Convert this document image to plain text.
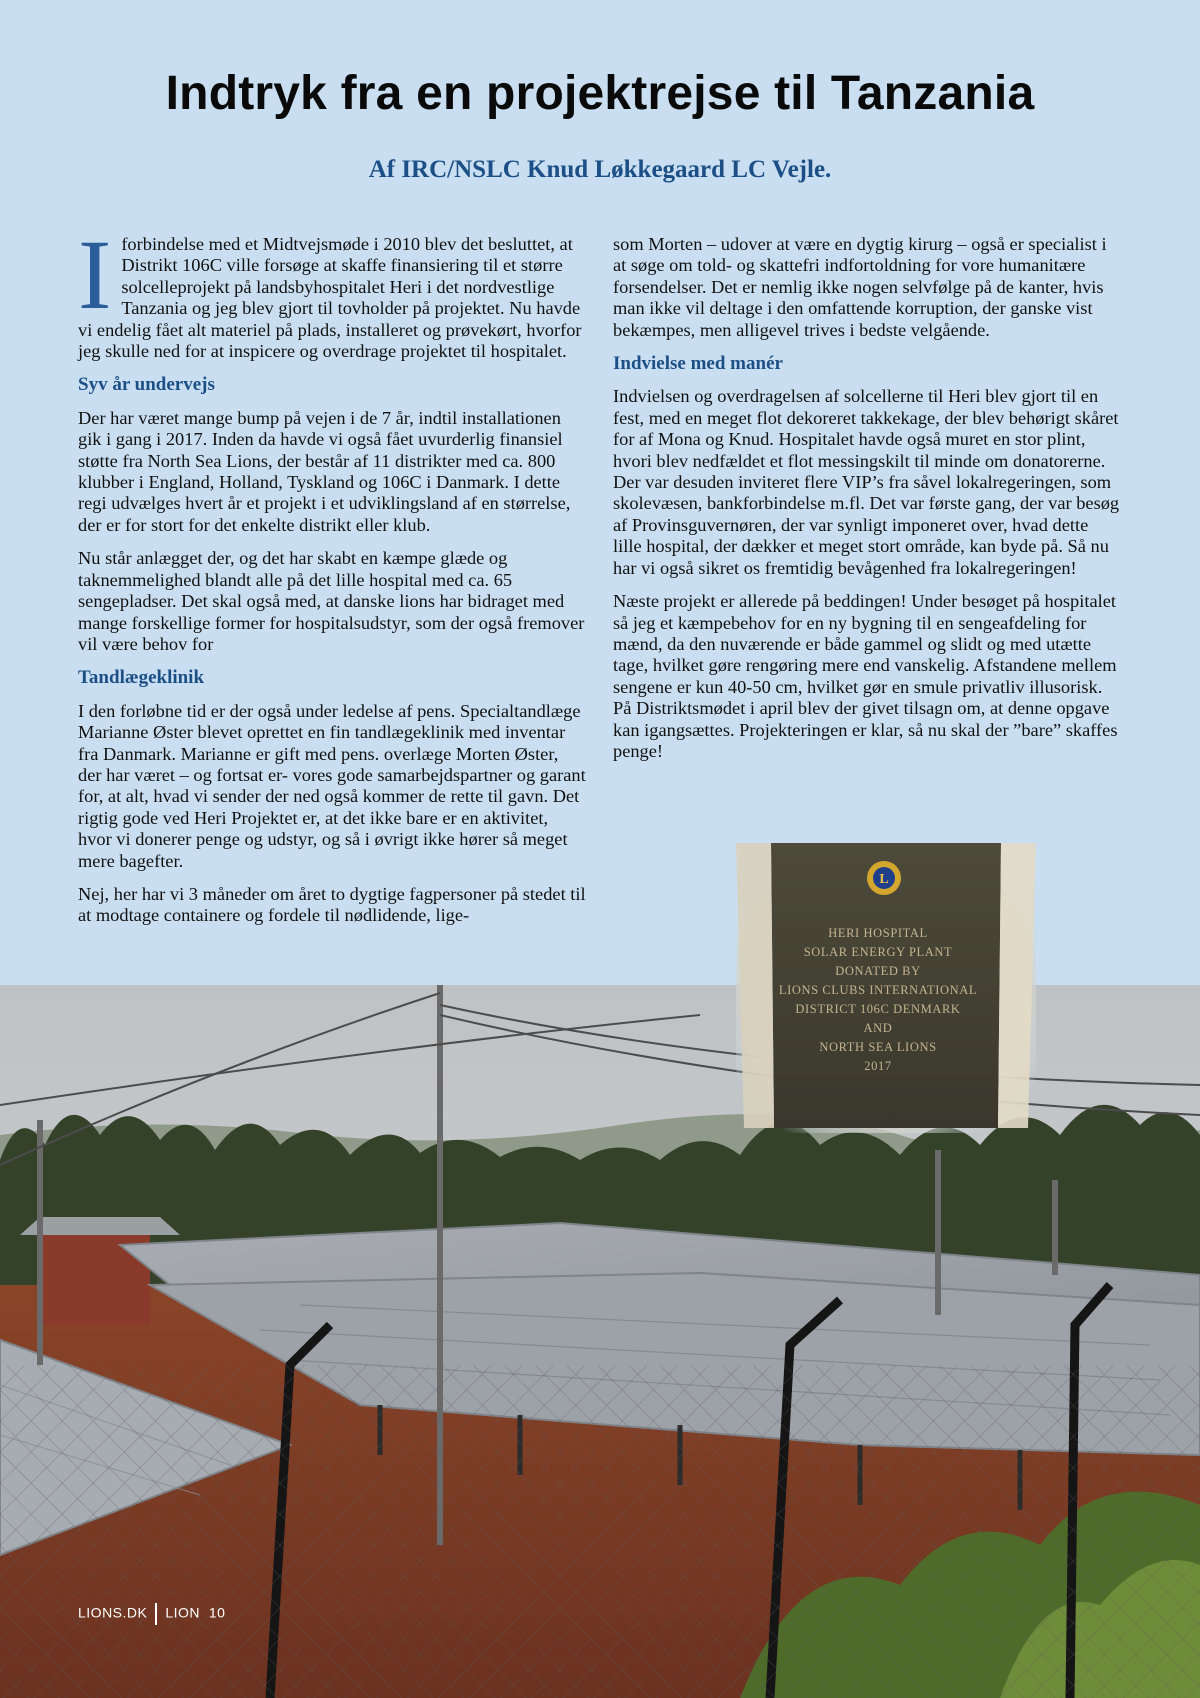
Indtryk fra en projektrejse til Tanzania
Af IRC/NSLC Knud Løkkegaard LC Vejle.

Iforbindelse med et Midtvejsmøde i 2010 blev det besluttet, at Distrikt 106C ville forsøge at skaffe finansiering til et større solcelleprojekt på landsbyhospitalet Heri i det nordvestlige Tanzania og jeg blev gjort til tovholder på projektet. Nu havde vi endelig fået alt materiel på plads, installeret og prøvekørt, hvorfor jeg skulle ned for at inspicere og overdrage projektet til hospitalet.

Syv år undervejs

Der har været mange bump på vejen i de 7 år, indtil installationen gik i gang i 2017. Inden da havde vi også fået uvurderlig finansiel støtte fra North Sea Lions, der består af 11 distrikter med ca. 800 klubber i England, Holland, Tyskland og 106C i Danmark. I dette regi udvælges hvert år et projekt i et udviklingsland af en størrelse, der er for stort for det enkelte distrikt eller klub.

Nu står anlægget der, og det har skabt en kæmpe glæde og taknemmelighed blandt alle på det lille hospital med ca. 65 sengepladser. Det skal også med, at danske lions har bidraget med mange forskellige former for hospitalsudstyr, som der også fremover vil være behov for

Tandlægeklinik

I den forløbne tid er der også under ledelse af pens. Specialtandlæge Marianne Øster blevet oprettet en fin tandlægeklinik med inventar fra Danmark. Marianne er gift med pens. overlæge Morten Øster, der har været – og fortsat er- vores gode samarbejdspartner og garant for, at alt, hvad vi sender der ned også kommer de rette til gavn. Det rigtig gode ved Heri Projektet er, at det ikke bare er en aktivitet, hvor vi donerer penge og udstyr, og så i øvrigt ikke hører så meget mere bagefter.

Nej, her har vi 3 måneder om året to dygtige fagpersoner på stedet til at modtage containere og fordele til nødlidende, lige-

som Morten – udover at være en dygtig kirurg – også er specialist i at søge om told- og skattefri indfortoldning for vore humanitære forsendelser. Det er nemlig ikke nogen selvfølge på de kanter, hvis man ikke vil deltage i den omfattende korruption, der ganske vist bekæmpes, men alligevel trives i bedste velgående.

Indvielse med manér

Indvielsen og overdragelsen af solcellerne til Heri blev gjort til en fest, med en meget flot dekoreret takkekage, der blev behørigt skåret for af Mona og Knud. Hospitalet havde også muret en stor plint, hvori blev nedfældet et flot messingskilt til minde om donatorerne. Der var desuden inviteret flere VIP’s fra såvel lokalregeringen, som skolevæsen, bankforbindelse m.fl. Det var første gang, der var besøg af Provinsguvernøren, der var synligt imponeret over, hvad dette lille hospital, der dækker et meget stort område, kan byde på. Så nu har vi også sikret os fremtidig bevågenhed fra lokalregeringen!

Næste projekt er allerede på beddingen! Under besøget på hospitalet så jeg et kæmpebehov for en ny bygning til en sengeafdeling for mænd, da den nuværende er både gammel og slidt og med utætte tage, hvilket gøre rengøring mere end vanskelig. Afstandene mellem sengene er kun 40-50 cm, hvilket gør en smule privatliv illusorisk. På Distriktsmødet i april blev der givet tilsagn om, at denne opgave kan igangsættes. Projekteringen er klar, så nu skal der ”bare” skaffes penge!

L
HERI HOSPITAL
SOLAR ENERGY PLANT
DONATED BY
LIONS CLUBS INTERNATIONAL
DISTRICT 106C DENMARK
AND
NORTH SEA LIONS
2017
LIONS.DK LION 10
